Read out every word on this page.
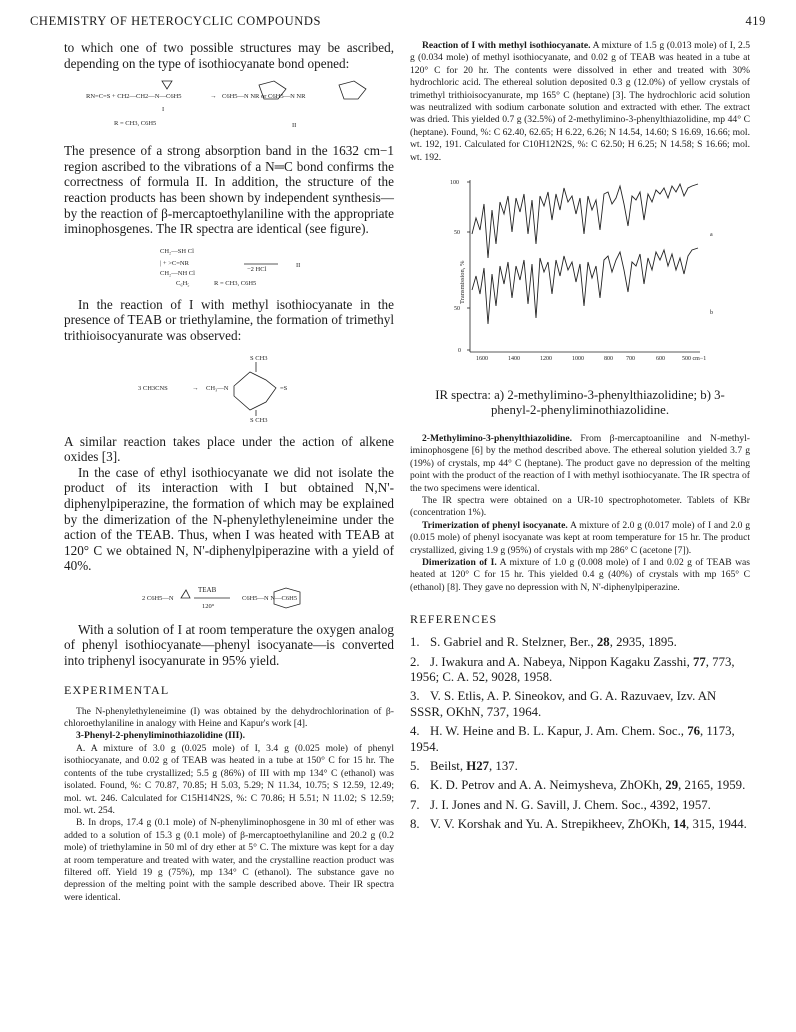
CHEMISTRY OF HETEROCYCLIC COMPOUNDS	419

to which one of two possible structures may be ascribed, depending on the type of isothiocyanate bond opened:

RN=C=S + CH2—CH2—N—C6H5	→ C6H5—N NR or C6H5—N NR
R = CH3, C6H5
I
II

The presence of a strong absorption band in the 1632 cm−1 region ascribed to the vibrations of a N═C bond confirms the correctness of formula II. In addition, the structure of the reaction products has been shown by independent synthesis—by the reaction of β-mercaptoethylaniline with the appropriate iminophosgenes. The IR spectra are identical (see figure).

CH₂—SH Cl
| + >C=NR
CH₂—NH Cl
C₆H₅	R = CH3, C6H5
−2 HCl
II

In the reaction of I with methyl isothiocyanate in the presence of TEAB or triethylamine, the formation of trimethyl trithioisocyanurate was observed:

S CH3
3 CH3CNS	→ CH₃—N	=S
S CH3

A similar reaction takes place under the action of alkene oxides [3].

In the case of ethyl isothiocyanate we did not isolate the product of its interaction with I but obtained N,N'-diphenylpiperazine, the formation of which may be explained by the dimerization of the N-phenylethyleneimine under the action of the TEAB. Thus, when I was heated with TEAB at 120° C we obtained N, N'-diphenylpiperazine with a yield of 40%.

2 C6H5—N
TEAB
120°
C6H5—N N—C6H5

With a solution of I at room temperature the oxygen analog of phenyl isothiocyanate—phenyl isocyanate—is converted into triphenyl isocyanurate in 95% yield.

EXPERIMENTAL

The N-phenylethyleneimine (I) was obtained by the dehydrochlorination of β-chloroethylaniline in analogy with Heine and Kapur's work [4].

3-Phenyl-2-phenyliminothiazolidine (III).

A. A mixture of 3.0 g (0.025 mole) of I, 3.4 g (0.025 mole) of phenyl isothiocyanate, and 0.02 g of TEAB was heated in a tube at 150° C for 15 hr. The contents of the tube crystallized; 5.5 g (86%) of III with mp 134° C (ethanol) was isolated. Found, %: C 70.87, 70.85; H 5.03, 5.29; N 11.34, 10.75; S 12.59, 12.49; mol. wt. 246. Calculated for C15H14N2S, %: C 70.86; H 5.51; N 11.02; S 12.59; mol. wt. 254.

B. In drops, 17.4 g (0.1 mole) of N-phenyliminophosgene in 30 ml of ether was added to a solution of 15.3 g (0.1 mole) of β-mercaptoethylaniline and 20.2 g (0.2 mole) of triethylamine in 50 ml of dry ether at 5° C. The mixture was kept for a day at room temperature and treated with water, and the crystalline reaction product was filtered off. Yield 19 g (75%), mp 134° C (ethanol). The substance gave no depression of the melting point with the sample described above. Their IR spectra were identical.

Reaction of I with methyl isothiocyanate. A mixture of 1.5 g (0.013 mole) of I, 2.5 g (0.034 mole) of methyl isothiocyanate, and 0.02 g of TEAB was heated in a tube at 120° C for 20 hr. The contents were dissolved in ether and treated with 30% hydrochloric acid. The ethereal solution deposited 0.3 g (12.0%) of yellow crystals of trimethyl trithioisocyanurate, mp 165° C (heptane) [3]. The hydrochloric acid solution was neutralized with sodium carbonate solution and extracted with ether. The extract was dried. This yielded 0.7 g (32.5%) of 2-methylimino-3-phenylthiazolidine, mp 44° C (heptane). Found, %: C 62.40, 62.65; H 6.22, 6.26; N 14.54, 14.60; S 16.69, 16.66; mol. wt. 192, 191. Calculated for C10H12N2S, %: C 62.50; H 6.25; N 14.58; S 16.66; mol. wt. 192.

100
50
50
0
Transmission, %
a
b
1600	1400	1200	1000	800 700	600	500 cm−1
IR spectra: a) 2-methylimino-3-phenylthiazolidine; b) 3-phenyl-2-phenyliminothiazolidine.

2-Methylimino-3-phenylthiazolidine. From β-mercaptoaniline and N-methyl-iminophosgene [6] by the method described above. The ethereal solution yielded 3.7 g (19%) of crystals, mp 44° C (heptane). The product gave no depression of the melting point with the product of the reaction of I with methyl isothiocyanate. The IR spectra of the two specimens were identical.

The IR spectra were obtained on a UR-10 spectrophotometer. Tablets of KBr (concentration 1%).

Trimerization of phenyl isocyanate. A mixture of 2.0 g (0.017 mole) of I and 2.0 g (0.015 mole) of phenyl isocyanate was kept at room temperature for 15 hr. The product crystallized, giving 1.9 g (95%) of crystals with mp 286° C (acetone [7]).

Dimerization of I. A mixture of 1.0 g (0.008 mole) of I and 0.02 g of TEAB was heated at 120° C for 15 hr. This yielded 0.4 g (40%) of crystals with mp 165° C (ethanol) [8]. They gave no depression with N, N'-diphenylpiperazine.

REFERENCES

1. S. Gabriel and R. Stelzner, Ber., 28, 2935, 1895.

2. J. Iwakura and A. Nabeya, Nippon Kagaku Zasshi, 77, 773, 1956; C. A. 52, 9028, 1958.

3. V. S. Etlis, A. P. Sineokov, and G. A. Razuvaev, Izv. AN SSSR, OKhN, 737, 1964.

4. H. W. Heine and B. L. Kapur, J. Am. Chem. Soc., 76, 1173, 1954.

5. Beilst, H27, 137.

6. K. D. Petrov and A. A. Neimysheva, ZhOKh, 29, 2165, 1959.

7. J. I. Jones and N. G. Savill, J. Chem. Soc., 4392, 1957.

8. V. V. Korshak and Yu. A. Strepikheev, ZhOKh, 14, 315, 1944.
